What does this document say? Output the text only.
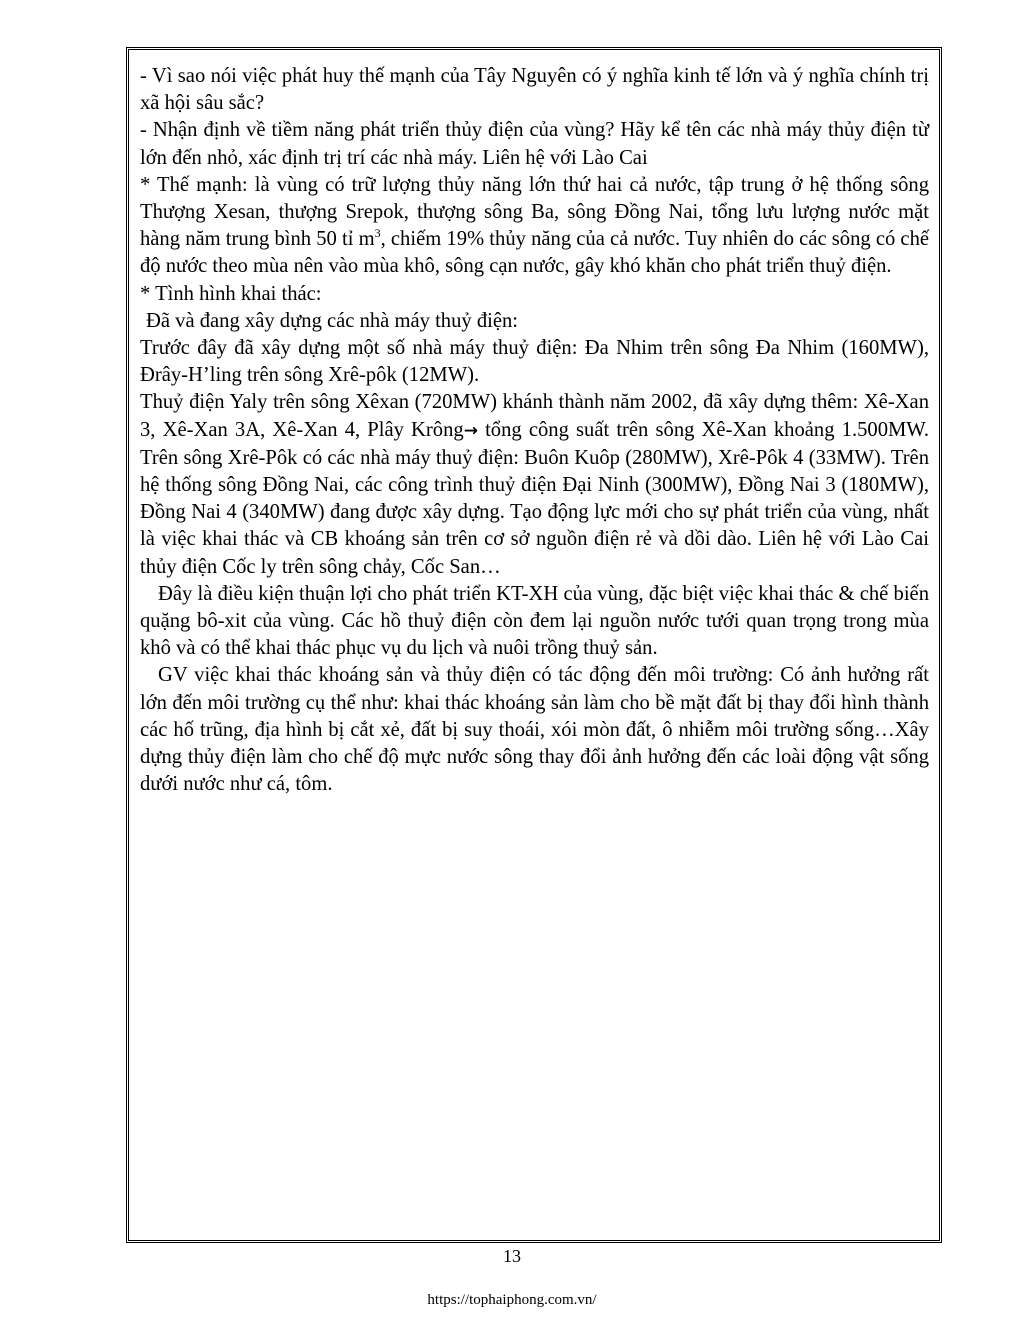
- Vì sao nói việc phát huy thế mạnh của Tây Nguyên có ý nghĩa kinh tế lớn và ý nghĩa chính trị xã hội sâu sắc?

- Nhận định về tiềm năng phát triển thủy điện của vùng? Hãy kể tên các nhà máy thủy điện từ lớn đến nhỏ, xác định trị trí các nhà máy. Liên hệ với Lào Cai

* Thế mạnh: là vùng có trữ lượng thủy năng lớn thứ hai cả nước, tập trung ở hệ thống sông Thượng Xesan, thượng Srepok, thượng sông Ba, sông Đồng Nai, tổng lưu lượng nước mặt hàng năm trung bình 50 tỉ $m^3$, chiếm 19% thủy năng của cả nước. Tuy nhiên do các sông có chế độ nước theo mùa nên vào mùa khô, sông cạn nước, gây khó khăn cho phát triển thuỷ điện.

* Tình hình khai thác:

Đã và đang xây dựng các nhà máy thuỷ điện:

Trước đây đã xây dựng một số nhà máy thuỷ điện: Đa Nhim trên sông Đa Nhim (160MW), Đrây-H’ling trên sông Xrê-pôk (12MW).

Thuỷ điện Yaly trên sông Xêxan (720MW) khánh thành năm 2002, đã xây dựng thêm: Xê-Xan 3, Xê-Xan 3A, Xê-Xan 4, Plây Krông→ tổng công suất trên sông Xê-Xan khoảng 1.500MW. Trên sông Xrê-Pôk có các nhà máy thuỷ điện: Buôn Kuôp (280MW), Xrê-Pôk 4 (33MW). Trên hệ thống sông Đồng Nai, các công trình thuỷ điện Đại Ninh (300MW), Đồng Nai 3 (180MW), Đồng Nai 4 (340MW) đang được xây dựng. Tạo động lực mới cho sự phát triển của vùng, nhất là việc khai thác và CB khoáng sản trên cơ sở nguồn điện rẻ và dồi dào. Liên hệ với Lào Cai thủy điện Cốc ly trên sông chảy, Cốc San…

Đây là điều kiện thuận lợi cho phát triển KT-XH của vùng, đặc biệt việc khai thác & chế biến quặng bô-xit của vùng. Các hồ thuỷ điện còn đem lại nguồn nước tưới quan trọng trong mùa khô và có thể khai thác phục vụ du lịch và nuôi trồng thuỷ sản.

GV việc khai thác khoáng sản và thủy điện có tác động đến môi trường: Có ảnh hưởng rất lớn đến môi trường cụ thể như: khai thác khoáng sản làm cho bề mặt đất bị thay đổi hình thành các hố trũng, địa hình bị cắt xẻ, đất bị suy thoái, xói mòn đất, ô nhiễm môi trường sống…Xây dựng thủy điện làm cho chế độ mực nước sông thay đổi ảnh hưởng đến các loài động vật sống dưới nước như cá, tôm.

13
https://tophaiphong.com.vn/
